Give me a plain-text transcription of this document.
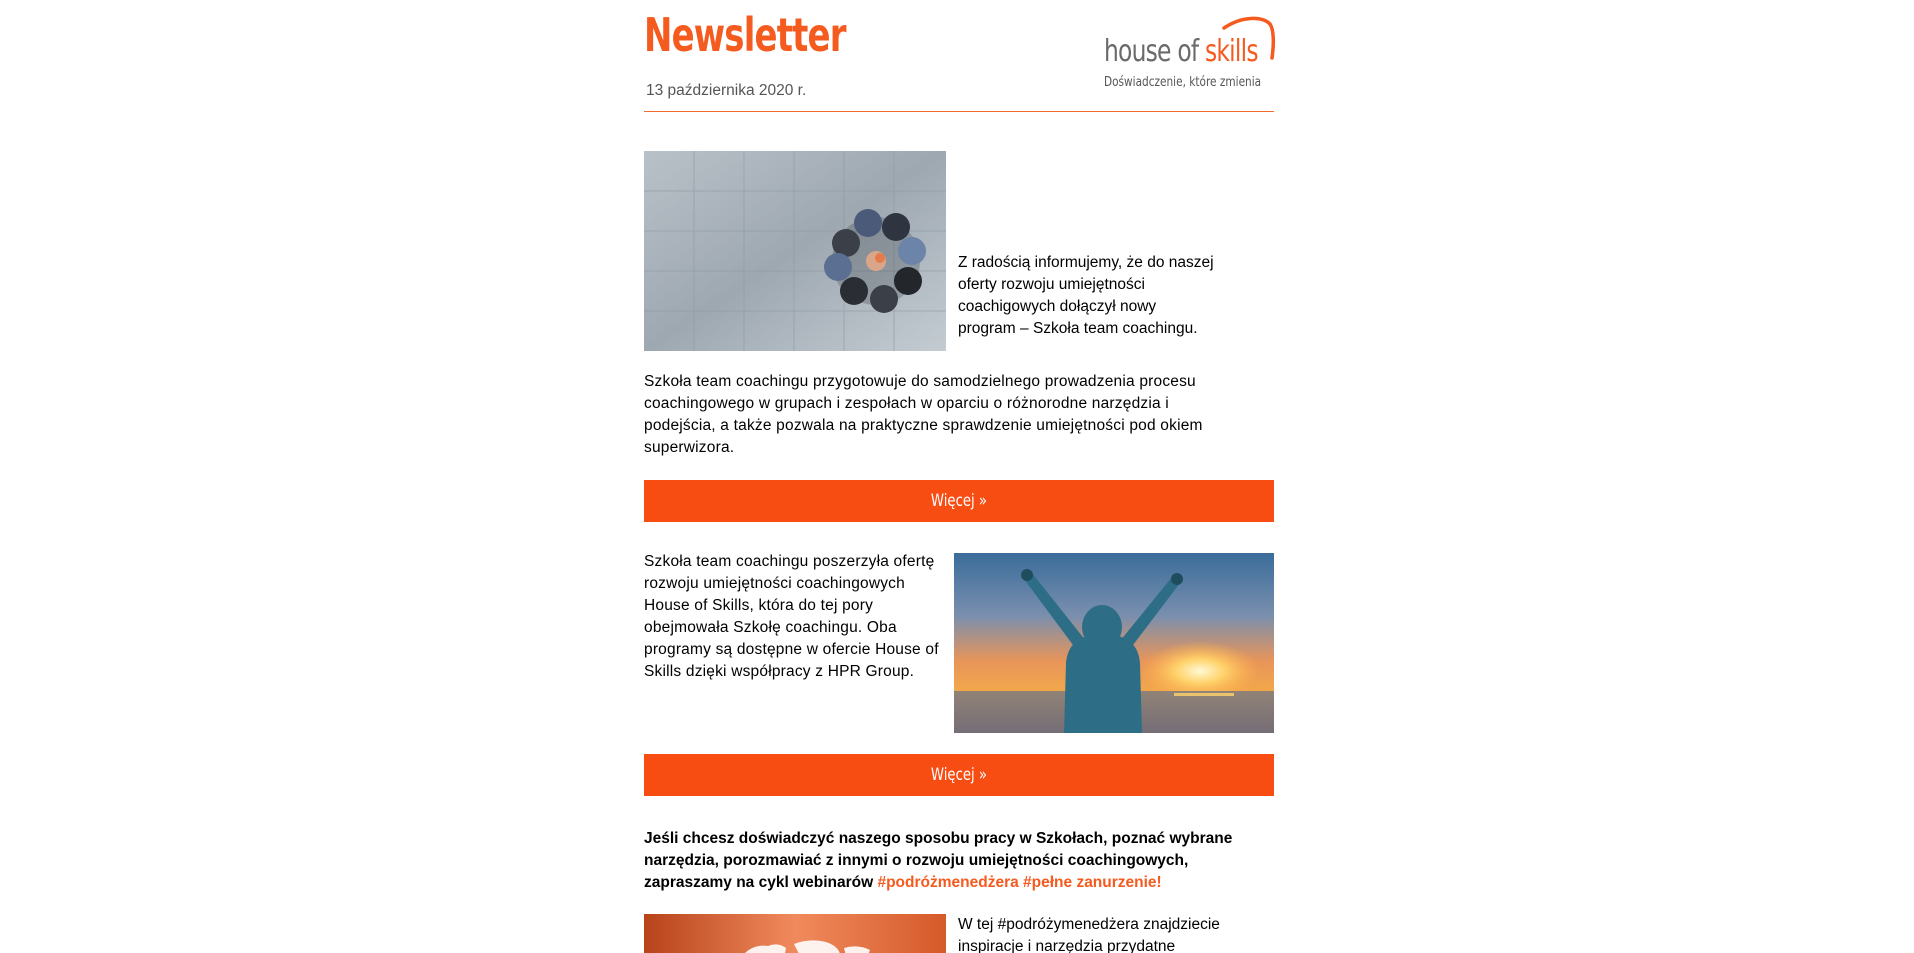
Newsletter
13 października 2020 r.
house of skills
Doświadczenie, które zmienia
Z radością informujemy, że do naszej oferty rozwoju umiejętności coachigowych dołączył nowy program – Szkoła team coachingu.
Szkoła team coachingu przygotowuje do samodzielnego prowadzenia procesu coachingowego w grupach i zespołach w oparciu o różnorodne narzędzia i podejścia, a także pozwala na praktyczne sprawdzenie umiejętności pod okiem superwizora.
Więcej »
Szkoła team coachingu poszerzyła ofertę rozwoju umiejętności coachingowych House of Skills, która do tej pory obejmowała Szkołę coachingu. Oba programy są dostępne w ofercie House of Skills dzięki współpracy z HPR Group.
Więcej »
Jeśli chcesz doświadczyć naszego sposobu pracy w Szkołach, poznać wybrane narzędzia, porozmawiać z innymi o rozwoju umiejętności coachingowych, zapraszamy na cykl webinarów #podróżmenedżera #pełne zanurzenie!
W tej #podróżymenedżera znajdziecie inspiracje i narzędzia przydatne
